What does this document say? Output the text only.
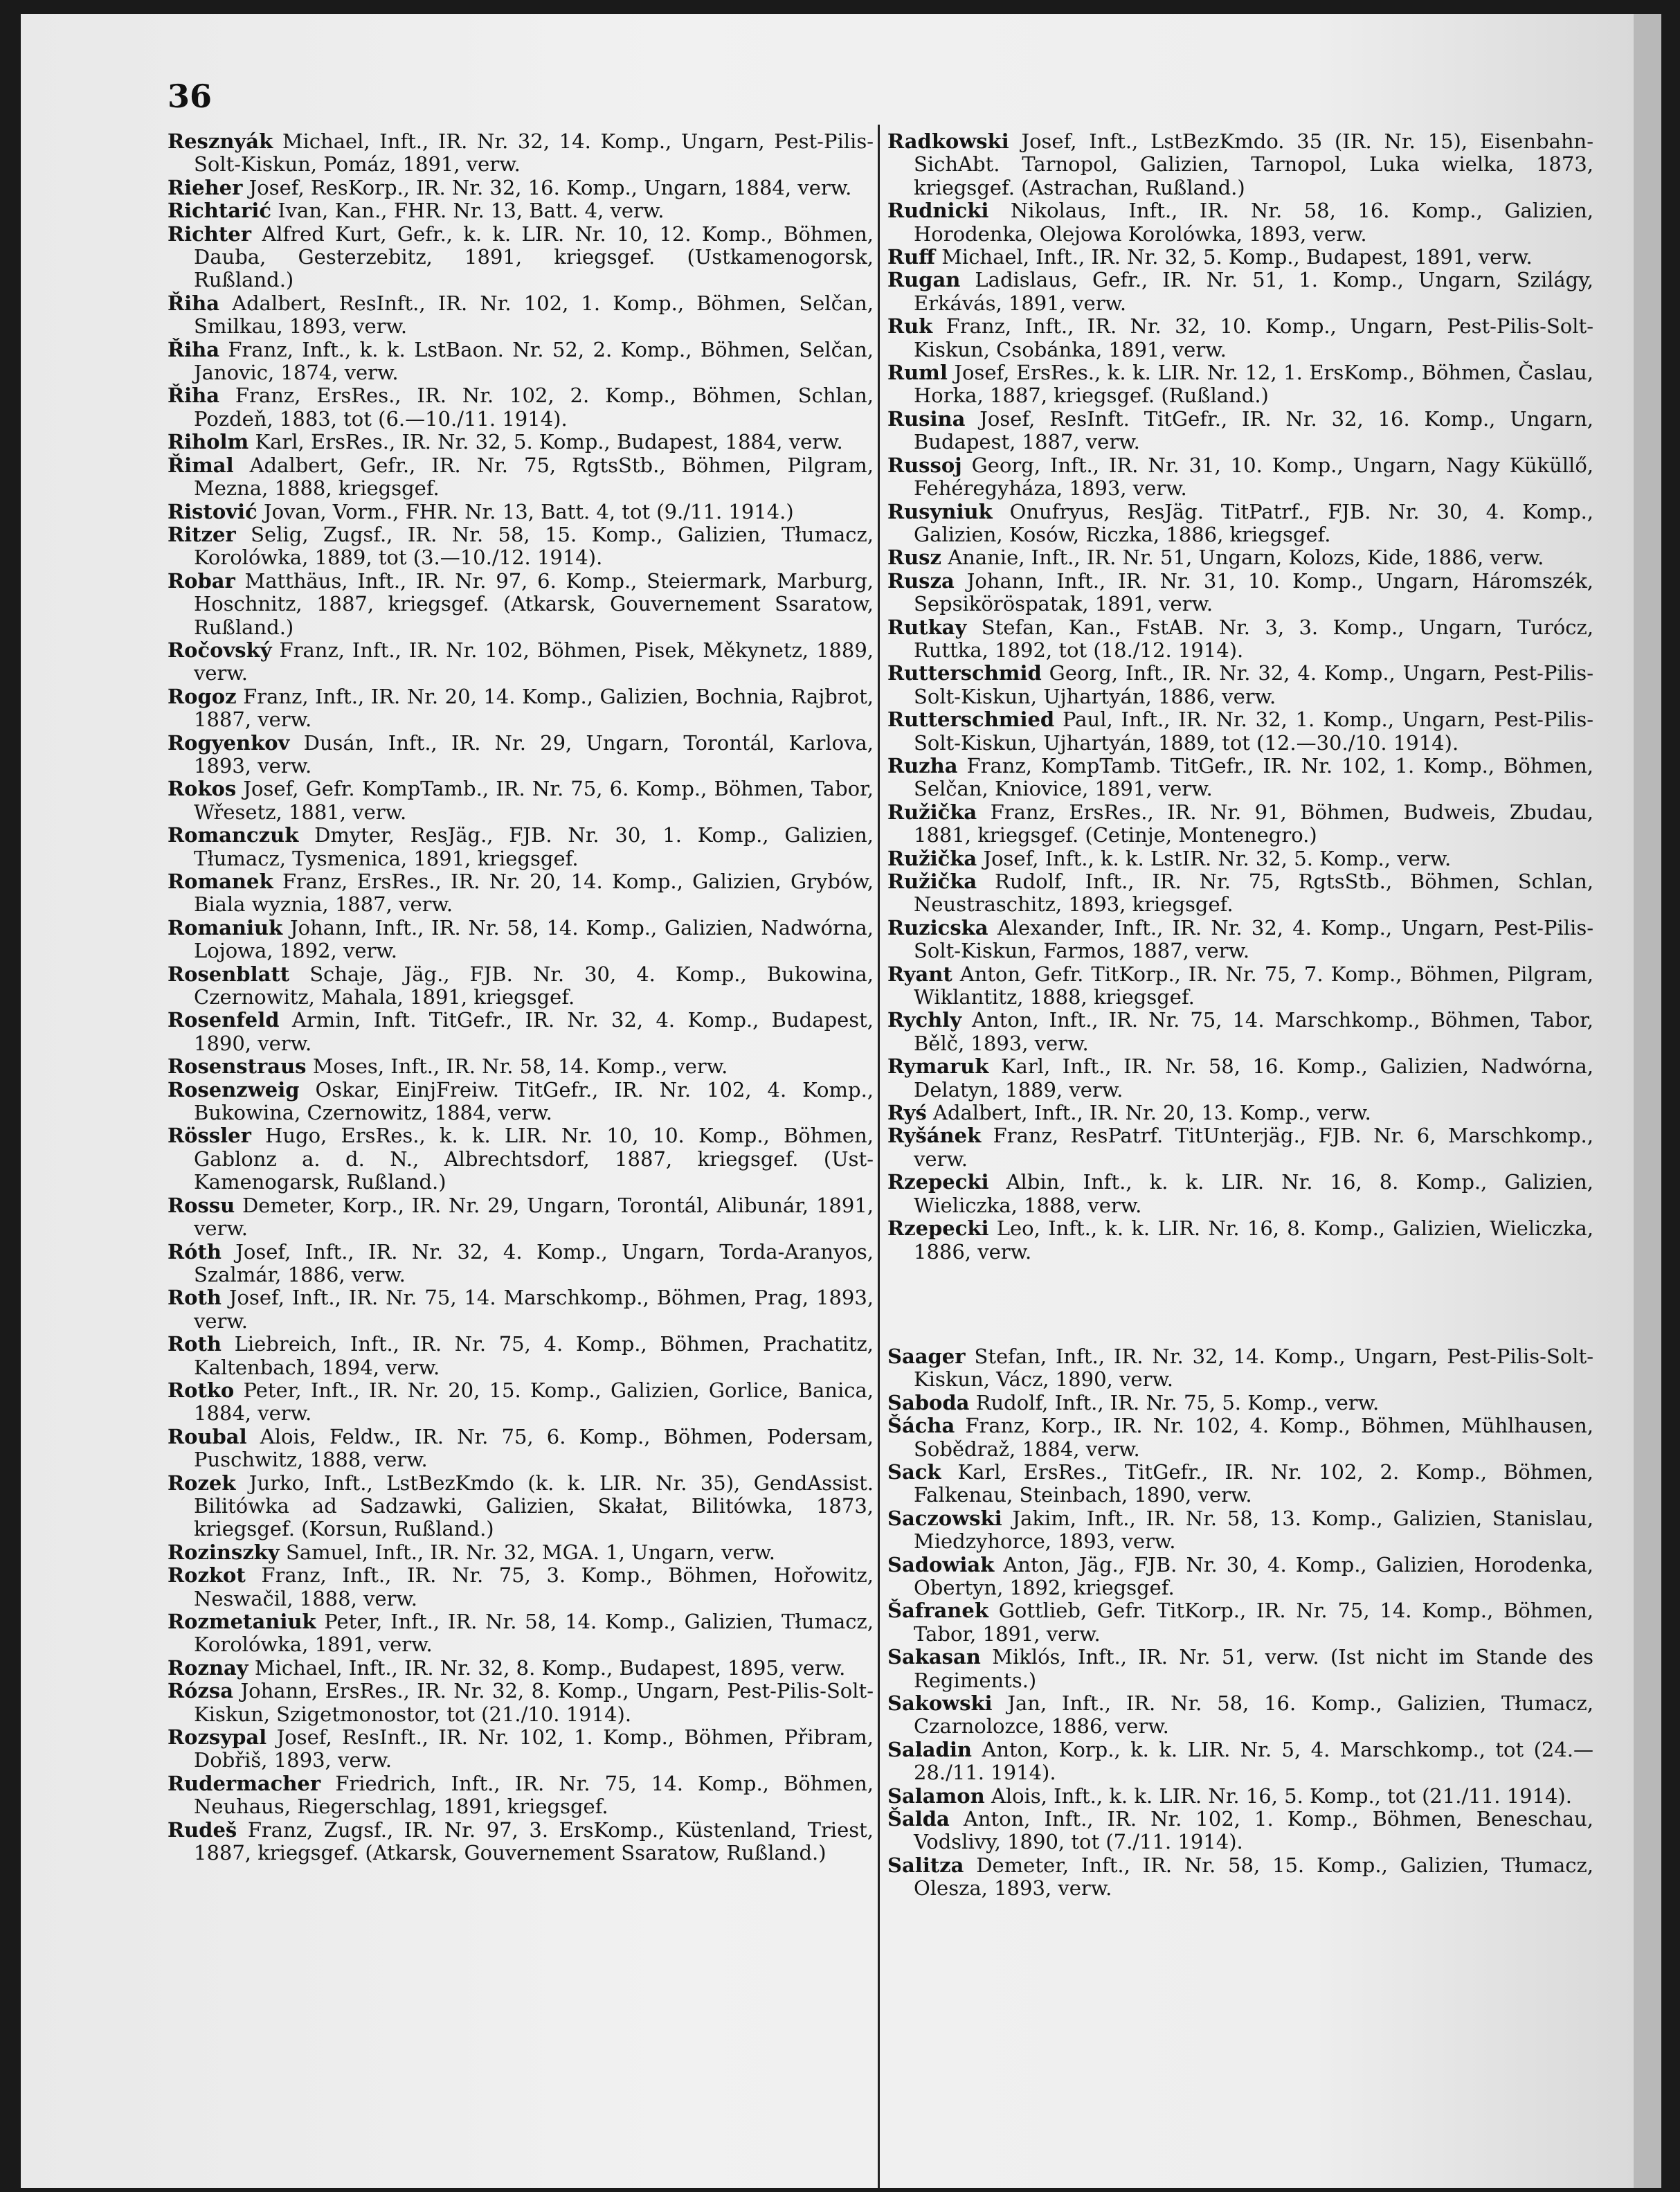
36
Resznyák Michael, Inft., IR. Nr. 32, 14. Komp., Ungarn, Pest-Pilis-Solt-Kiskun, Pomáz, 1891, verw.
Rieher Josef, ResKorp., IR. Nr. 32, 16. Komp., Ungarn, 1884, verw.
Richtarić Ivan, Kan., FHR. Nr. 13, Batt. 4, verw.
Richter Alfred Kurt, Gefr., k. k. LIR. Nr. 10, 12. Komp., Böhmen, Dauba, Gesterzebitz, 1891, kriegsgef. (Ustkamenogorsk, Rußland.)
Řiha Adalbert, ResInft., IR. Nr. 102, 1. Komp., Böhmen, Selčan, Smilkau, 1893, verw.
Řiha Franz, Inft., k. k. LstBaon. Nr. 52, 2. Komp., Böhmen, Selčan, Janovic, 1874, verw.
Řiha Franz, ErsRes., IR. Nr. 102, 2. Komp., Böhmen, Schlan, Pozdeň, 1883, tot (6.—10./11. 1914).
Riholm Karl, ErsRes., IR. Nr. 32, 5. Komp., Budapest, 1884, verw.
Řimal Adalbert, Gefr., IR. Nr. 75, RgtsStb., Böhmen, Pilgram, Mezna, 1888, kriegsgef.
Ristović Jovan, Vorm., FHR. Nr. 13, Batt. 4, tot (9./11. 1914.)
Ritzer Selig, Zugsf., IR. Nr. 58, 15. Komp., Galizien, Tłumacz, Korolówka, 1889, tot (3.—10./12. 1914).
Robar Matthäus, Inft., IR. Nr. 97, 6. Komp., Steiermark, Marburg, Hoschnitz, 1887, kriegsgef. (Atkarsk, Gouvernement Ssaratow, Rußland.)
Ročovský Franz, Inft., IR. Nr. 102, Böhmen, Pisek, Měkynetz, 1889, verw.
Rogoz Franz, Inft., IR. Nr. 20, 14. Komp., Galizien, Bochnia, Rajbrot, 1887, verw.
Rogyenkov Dusán, Inft., IR. Nr. 29, Ungarn, Torontál, Karlova, 1893, verw.
Rokos Josef, Gefr. KompTamb., IR. Nr. 75, 6. Komp., Böhmen, Tabor, Wřesetz, 1881, verw.
Romanczuk Dmyter, ResJäg., FJB. Nr. 30, 1. Komp., Galizien, Tłumacz, Tysmenica, 1891, kriegsgef.
Romanek Franz, ErsRes., IR. Nr. 20, 14. Komp., Galizien, Grybów, Biala wyznia, 1887, verw.
Romaniuk Johann, Inft., IR. Nr. 58, 14. Komp., Galizien, Nadwórna, Lojowa, 1892, verw.
Rosenblatt Schaje, Jäg., FJB. Nr. 30, 4. Komp., Bukowina, Czernowitz, Mahala, 1891, kriegsgef.
Rosenfeld Armin, Inft. TitGefr., IR. Nr. 32, 4. Komp., Budapest, 1890, verw.
Rosenstraus Moses, Inft., IR. Nr. 58, 14. Komp., verw.
Rosenzweig Oskar, EinjFreiw. TitGefr., IR. Nr. 102, 4. Komp., Bukowina, Czernowitz, 1884, verw.
Rössler Hugo, ErsRes., k. k. LIR. Nr. 10, 10. Komp., Böhmen, Gablonz a. d. N., Albrechtsdorf, 1887, kriegsgef. (Ust-Kamenogarsk, Rußland.)
Rossu Demeter, Korp., IR. Nr. 29, Ungarn, Torontál, Alibunár, 1891, verw.
Róth Josef, Inft., IR. Nr. 32, 4. Komp., Ungarn, Torda-Aranyos, Szalmár, 1886, verw.
Roth Josef, Inft., IR. Nr. 75, 14. Marschkomp., Böhmen, Prag, 1893, verw.
Roth Liebreich, Inft., IR. Nr. 75, 4. Komp., Böhmen, Prachatitz, Kaltenbach, 1894, verw.
Rotko Peter, Inft., IR. Nr. 20, 15. Komp., Galizien, Gorlice, Banica, 1884, verw.
Roubal Alois, Feldw., IR. Nr. 75, 6. Komp., Böhmen, Podersam, Puschwitz, 1888, verw.
Rozek Jurko, Inft., LstBezKmdo (k. k. LIR. Nr. 35), GendAssist. Bilitówka ad Sadzawki, Galizien, Skałat, Bilitówka, 1873, kriegsgef. (Korsun, Rußland.)
Rozinszky Samuel, Inft., IR. Nr. 32, MGA. 1, Ungarn, verw.
Rozkot Franz, Inft., IR. Nr. 75, 3. Komp., Böhmen, Hořowitz, Neswačil, 1888, verw.
Rozmetaniuk Peter, Inft., IR. Nr. 58, 14. Komp., Galizien, Tłumacz, Korolówka, 1891, verw.
Roznay Michael, Inft., IR. Nr. 32, 8. Komp., Budapest, 1895, verw.
Rózsa Johann, ErsRes., IR. Nr. 32, 8. Komp., Ungarn, Pest-Pilis-Solt-Kiskun, Szigetmonostor, tot (21./10. 1914).
Rozsypal Josef, ResInft., IR. Nr. 102, 1. Komp., Böhmen, Přibram, Dobřiš, 1893, verw.
Rudermacher Friedrich, Inft., IR. Nr. 75, 14. Komp., Böhmen, Neuhaus, Riegerschlag, 1891, kriegsgef.
Rudeš Franz, Zugsf., IR. Nr. 97, 3. ErsKomp., Küstenland, Triest, 1887, kriegsgef. (Atkarsk, Gouvernement Ssaratow, Rußland.)
Radkowski Josef, Inft., LstBezKmdo. 35 (IR. Nr. 15), Eisenbahn-SichAbt. Tarnopol, Galizien, Tarnopol, Luka wielka, 1873, kriegsgef. (Astrachan, Rußland.)
Rudnicki Nikolaus, Inft., IR. Nr. 58, 16. Komp., Galizien, Horodenka, Olejowa Korolówka, 1893, verw.
Ruff Michael, Inft., IR. Nr. 32, 5. Komp., Budapest, 1891, verw.
Rugan Ladislaus, Gefr., IR. Nr. 51, 1. Komp., Ungarn, Szilágy, Erkávás, 1891, verw.
Ruk Franz, Inft., IR. Nr. 32, 10. Komp., Ungarn, Pest-Pilis-Solt-Kiskun, Csobánka, 1891, verw.
Ruml Josef, ErsRes., k. k. LIR. Nr. 12, 1. ErsKomp., Böhmen, Časlau, Horka, 1887, kriegsgef. (Rußland.)
Rusina Josef, ResInft. TitGefr., IR. Nr. 32, 16. Komp., Ungarn, Budapest, 1887, verw.
Russoj Georg, Inft., IR. Nr. 31, 10. Komp., Ungarn, Nagy Küküllő, Fehéregyháza, 1893, verw.
Rusyniuk Onufryus, ResJäg. TitPatrf., FJB. Nr. 30, 4. Komp., Galizien, Kosów, Riczka, 1886, kriegsgef.
Rusz Ananie, Inft., IR. Nr. 51, Ungarn, Kolozs, Kide, 1886, verw.
Rusza Johann, Inft., IR. Nr. 31, 10. Komp., Ungarn, Háromszék, Sepsiköröspatak, 1891, verw.
Rutkay Stefan, Kan., FstAB. Nr. 3, 3. Komp., Ungarn, Turócz, Ruttka, 1892, tot (18./12. 1914).
Rutterschmid Georg, Inft., IR. Nr. 32, 4. Komp., Ungarn, Pest-Pilis-Solt-Kiskun, Ujhartyán, 1886, verw.
Rutterschmied Paul, Inft., IR. Nr. 32, 1. Komp., Ungarn, Pest-Pilis-Solt-Kiskun, Ujhartyán, 1889, tot (12.—30./10. 1914).
Ruzha Franz, KompTamb. TitGefr., IR. Nr. 102, 1. Komp., Böhmen, Selčan, Kniovice, 1891, verw.
Ružička Franz, ErsRes., IR. Nr. 91, Böhmen, Budweis, Zbudau, 1881, kriegsgef. (Cetinje, Montenegro.)
Ružička Josef, Inft., k. k. LstIR. Nr. 32, 5. Komp., verw.
Ružička Rudolf, Inft., IR. Nr. 75, RgtsStb., Böhmen, Schlan, Neustraschitz, 1893, kriegsgef.
Ruzicska Alexander, Inft., IR. Nr. 32, 4. Komp., Ungarn, Pest-Pilis-Solt-Kiskun, Farmos, 1887, verw.
Ryant Anton, Gefr. TitKorp., IR. Nr. 75, 7. Komp., Böhmen, Pilgram, Wiklantitz, 1888, kriegsgef.
Rychly Anton, Inft., IR. Nr. 75, 14. Marschkomp., Böhmen, Tabor, Bělč, 1893, verw.
Rymaruk Karl, Inft., IR. Nr. 58, 16. Komp., Galizien, Nadwórna, Delatyn, 1889, verw.
Ryś Adalbert, Inft., IR. Nr. 20, 13. Komp., verw.
Ryšánek Franz, ResPatrf. TitUnterjäg., FJB. Nr. 6, Marschkomp., verw.
Rzepecki Albin, Inft., k. k. LIR. Nr. 16, 8. Komp., Galizien, Wieliczka, 1888, verw.
Rzepecki Leo, Inft., k. k. LIR. Nr. 16, 8. Komp., Galizien, Wieliczka, 1886, verw.
Saager Stefan, Inft., IR. Nr. 32, 14. Komp., Ungarn, Pest-Pilis-Solt-Kiskun, Vácz, 1890, verw.
Saboda Rudolf, Inft., IR. Nr. 75, 5. Komp., verw.
Šácha Franz, Korp., IR. Nr. 102, 4. Komp., Böhmen, Mühlhausen, Sobědraž, 1884, verw.
Sack Karl, ErsRes., TitGefr., IR. Nr. 102, 2. Komp., Böhmen, Falkenau, Steinbach, 1890, verw.
Saczowski Jakim, Inft., IR. Nr. 58, 13. Komp., Galizien, Stanislau, Miedzyhorce, 1893, verw.
Sadowiak Anton, Jäg., FJB. Nr. 30, 4. Komp., Galizien, Horodenka, Obertyn, 1892, kriegsgef.
Šafranek Gottlieb, Gefr. TitKorp., IR. Nr. 75, 14. Komp., Böhmen, Tabor, 1891, verw.
Sakasan Miklós, Inft., IR. Nr. 51, verw. (Ist nicht im Stande des Regiments.)
Sakowski Jan, Inft., IR. Nr. 58, 16. Komp., Galizien, Tłumacz, Czarnolozce, 1886, verw.
Saladin Anton, Korp., k. k. LIR. Nr. 5, 4. Marschkomp., tot (24.—28./11. 1914).
Salamon Alois, Inft., k. k. LIR. Nr. 16, 5. Komp., tot (21./11. 1914).
Šalda Anton, Inft., IR. Nr. 102, 1. Komp., Böhmen, Beneschau, Vodslivy, 1890, tot (7./11. 1914).
Salitza Demeter, Inft., IR. Nr. 58, 15. Komp., Galizien, Tłumacz, Olesza, 1893, verw.
